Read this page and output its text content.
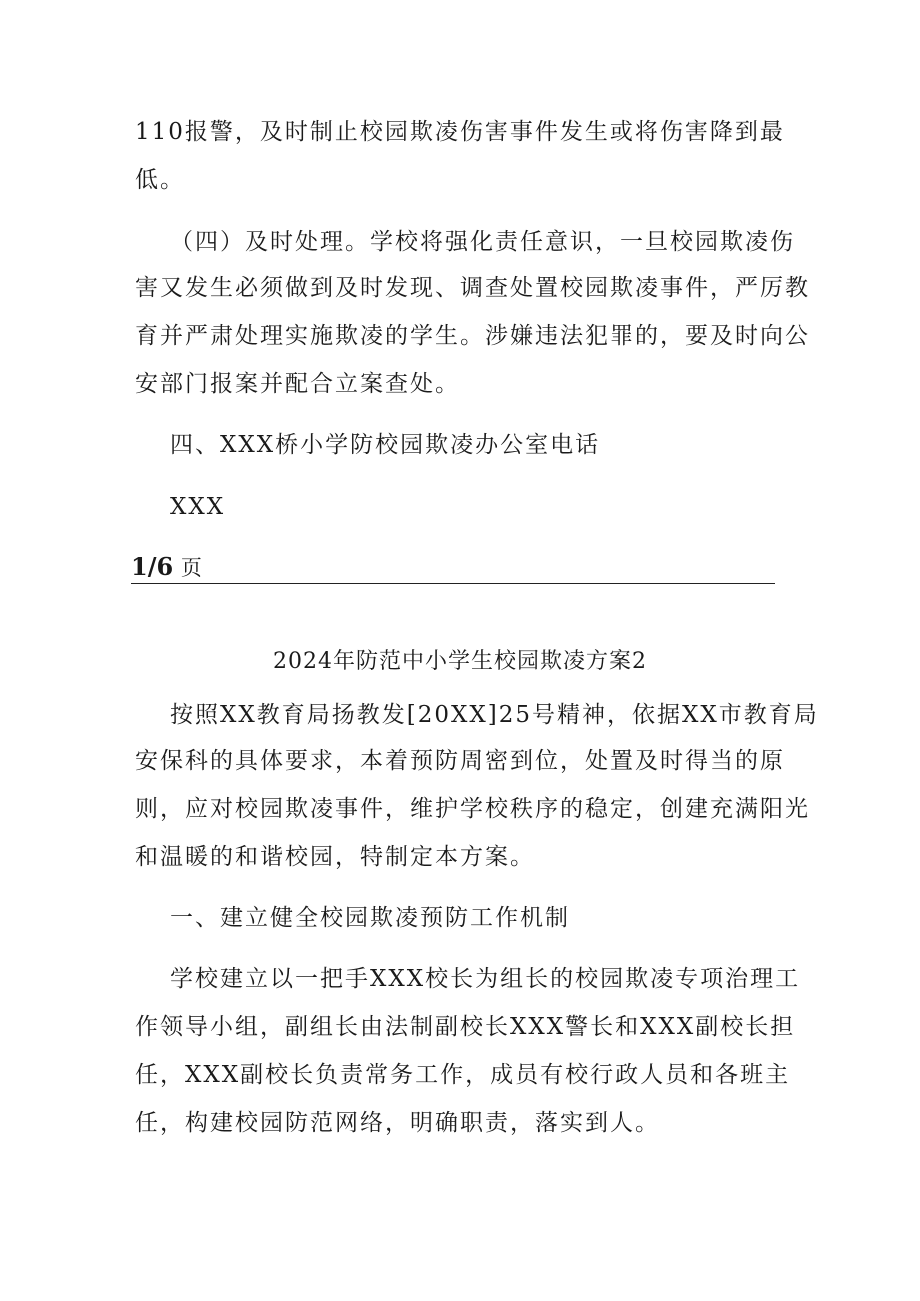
110报警，及时制止校园欺凌伤害事件发生或将伤害降到最
低。
（四）及时处理。学校将强化责任意识，一旦校园欺凌伤
害又发生必须做到及时发现、调查处置校园欺凌事件，严厉教
育并严肃处理实施欺凌的学生。涉嫌违法犯罪的，要及时向公
安部门报案并配合立案查处。
四、XXX桥小学防校园欺凌办公室电话
XXX
1/6 页
2024年防范中小学生校园欺凌方案2
按照XX教育局扬教发[20XX]25号精神，依据XX市教育局
安保科的具体要求，本着预防周密到位，处置及时得当的原
则，应对校园欺凌事件，维护学校秩序的稳定，创建充满阳光
和温暖的和谐校园，特制定本方案。
一、建立健全校园欺凌预防工作机制
学校建立以一把手XXX校长为组长的校园欺凌专项治理工
作领导小组，副组长由法制副校长XXX警长和XXX副校长担
任，XXX副校长负责常务工作，成员有校行政人员和各班主
任，构建校园防范网络，明确职责，落实到人。
